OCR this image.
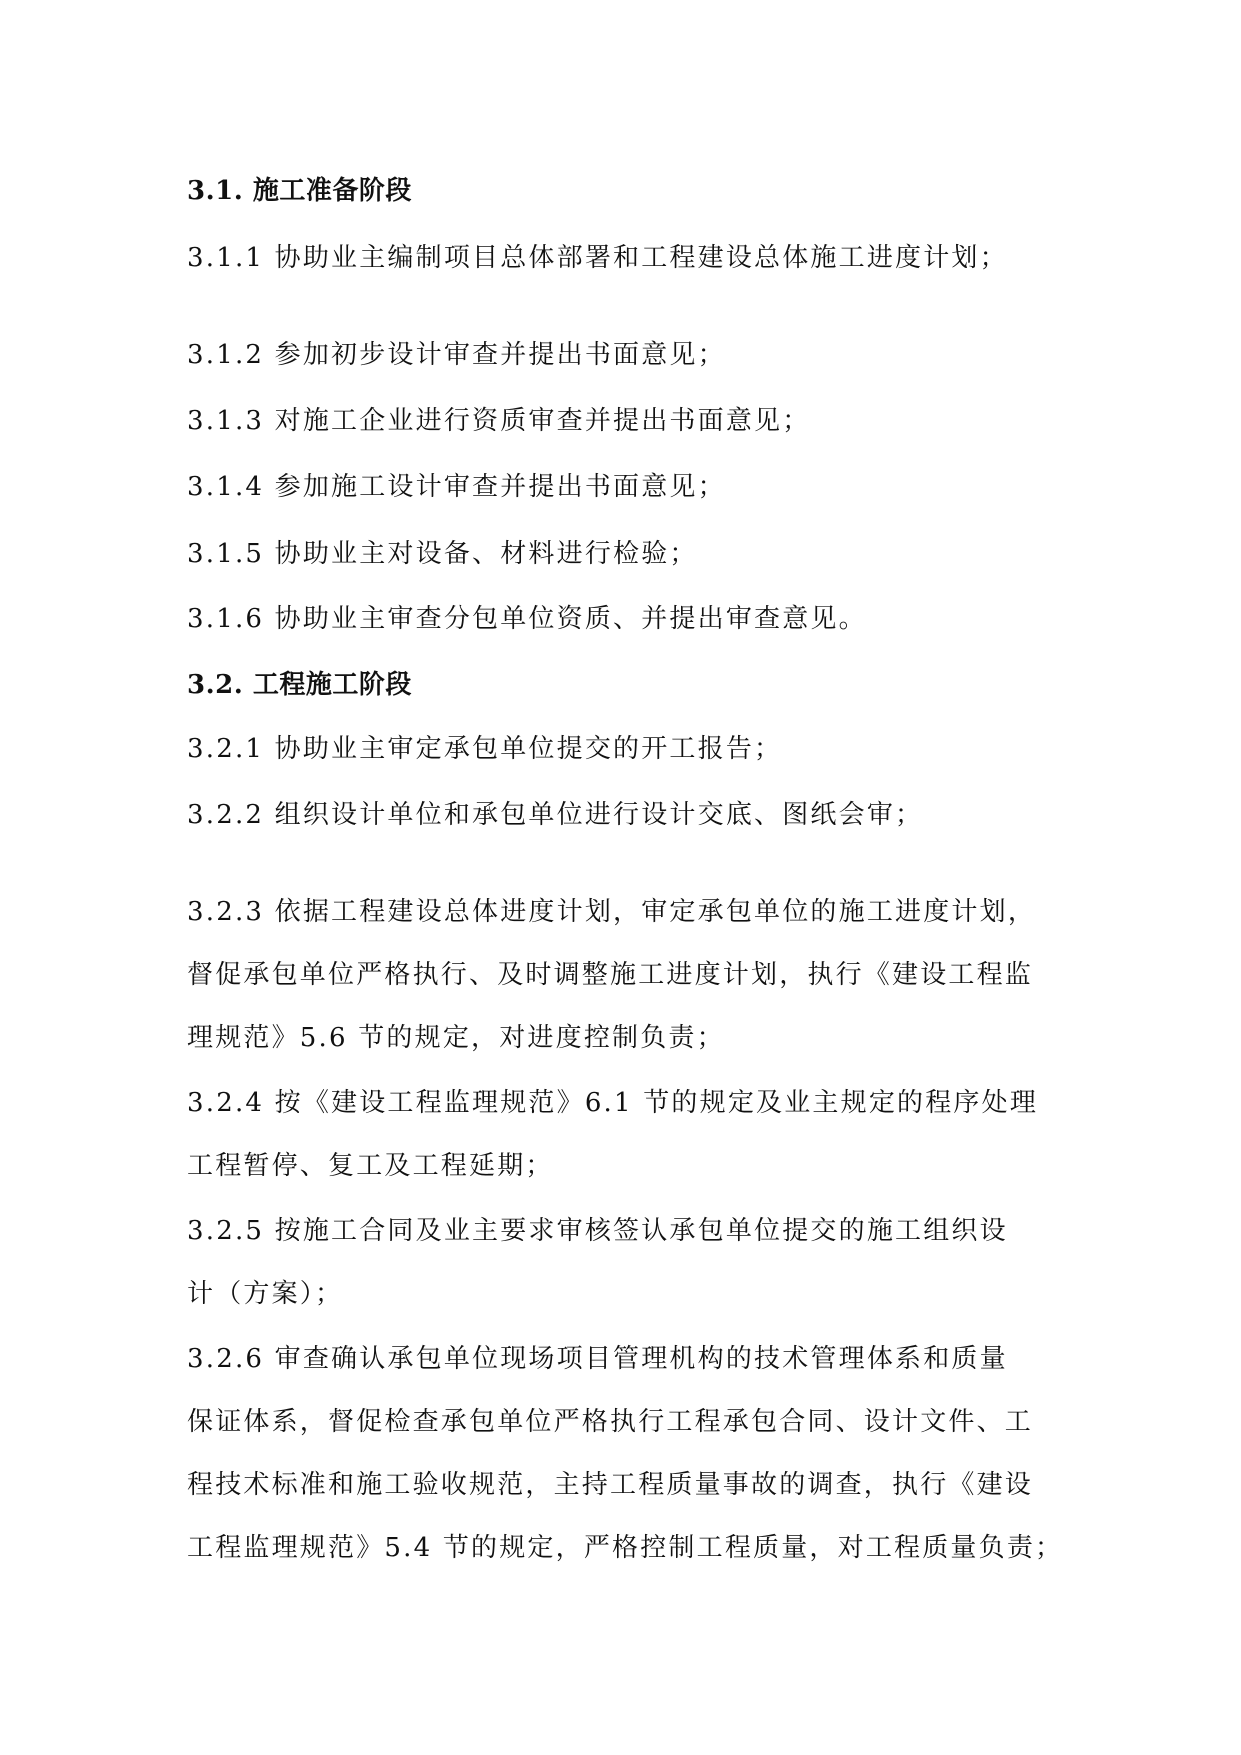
3.1. 施工准备阶段

3.1.1 协助业主编制项目总体部署和工程建设总体施工进度计划；

3.1.2 参加初步设计审查并提出书面意见；

3.1.3 对施工企业进行资质审查并提出书面意见；

3.1.4 参加施工设计审查并提出书面意见；

3.1.5 协助业主对设备、材料进行检验；

3.1.6 协助业主审查分包单位资质、并提出审查意见。

3.2. 工程施工阶段

3.2.1 协助业主审定承包单位提交的开工报告；

3.2.2 组织设计单位和承包单位进行设计交底、图纸会审；

3.2.3 依据工程建设总体进度计划，审定承包单位的施工进度计划，

督促承包单位严格执行、及时调整施工进度计划，执行《建设工程监

理规范》5.6 节的规定，对进度控制负责；

3.2.4 按《建设工程监理规范》6.1 节的规定及业主规定的程序处理

工程暂停、复工及工程延期；

3.2.5 按施工合同及业主要求审核签认承包单位提交的施工组织设

计（方案）；

3.2.6 审查确认承包单位现场项目管理机构的技术管理体系和质量

保证体系，督促检查承包单位严格执行工程承包合同、设计文件、工

程技术标准和施工验收规范，主持工程质量事故的调查，执行《建设

工程监理规范》5.4 节的规定，严格控制工程质量，对工程质量负责；
